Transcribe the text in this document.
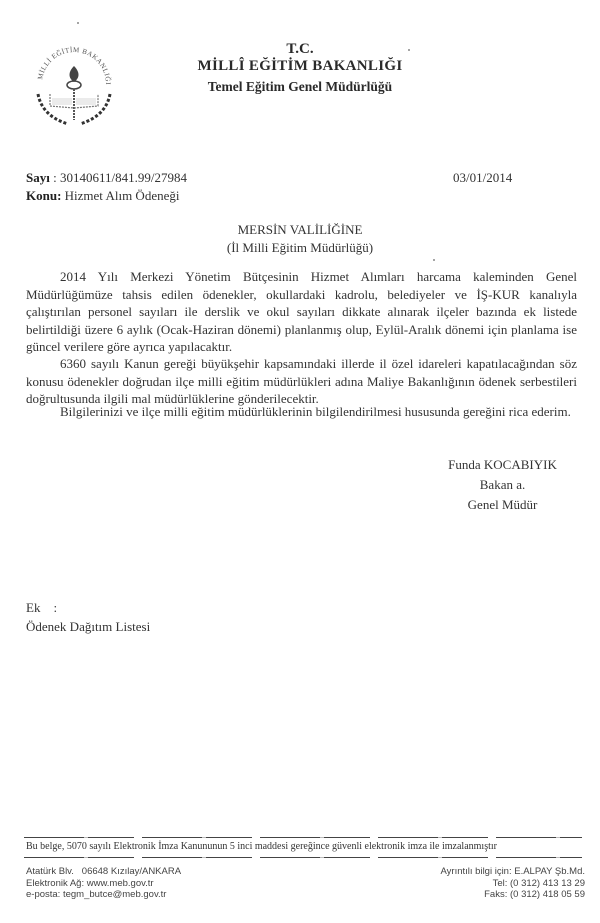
MİLLİ EĞİTİM BAKANLIĞI
T.C.
MİLLÎ EĞİTİM BAKANLIĞI
Temel Eğitim Genel Müdürlüğü
Sayı : 30140611/841.99/27984
Konu: Hizmet Alım Ödeneği
03/01/2014
MERSİN VALİLİĞİNE
(İl Milli Eğitim Müdürlüğü)

2014 Yılı Merkezi Yönetim Bütçesinin Hizmet Alımları harcama kaleminden Genel Müdürlüğümüze tahsis edilen ödenekler, okullardaki kadrolu, belediyeler ve İŞ-KUR kanalıyla çalıştırılan personel sayıları ile derslik ve okul sayıları dikkate alınarak ilçeler bazında ek listede belirtildiği üzere 6 aylık (Ocak-Haziran dönemi) planlanmış olup, Eylül-Aralık dönemi için planlama ise güncel verilere göre ayrıca yapılacaktır.

6360 sayılı Kanun gereği büyükşehir kapsamındaki illerde il özel idareleri kapatılacağından söz konusu ödenekler doğrudan ilçe milli eğitim müdürlükleri adına Maliye Bakanlığının ödenek serbestileri doğrultusunda ilgili mal müdürlüklerine gönderilecektir.

Bilgilerinizi ve ilçe milli eğitim müdürlüklerinin bilgilendirilmesi hususunda gereğini rica ederim.

Funda KOCABIYIK
Bakan a.
Genel Müdür
Ek    :
Ödenek Dağıtım Listesi
Bu belge, 5070 sayılı Elektronik İmza Kanununun 5 inci maddesi gereğince güvenli elektronik imza ile imzalanmıştır
Atatürk Blv.   06648 Kızılay/ANKARA
Elektronik Ağ: www.meb.gov.tr
e-posta: tegm_butce@meb.gov.tr
Ayrıntılı bilgi için: E.ALPAY Şb.Md.
Tel: (0 312) 413 13 29
Faks: (0 312) 418 05 59
